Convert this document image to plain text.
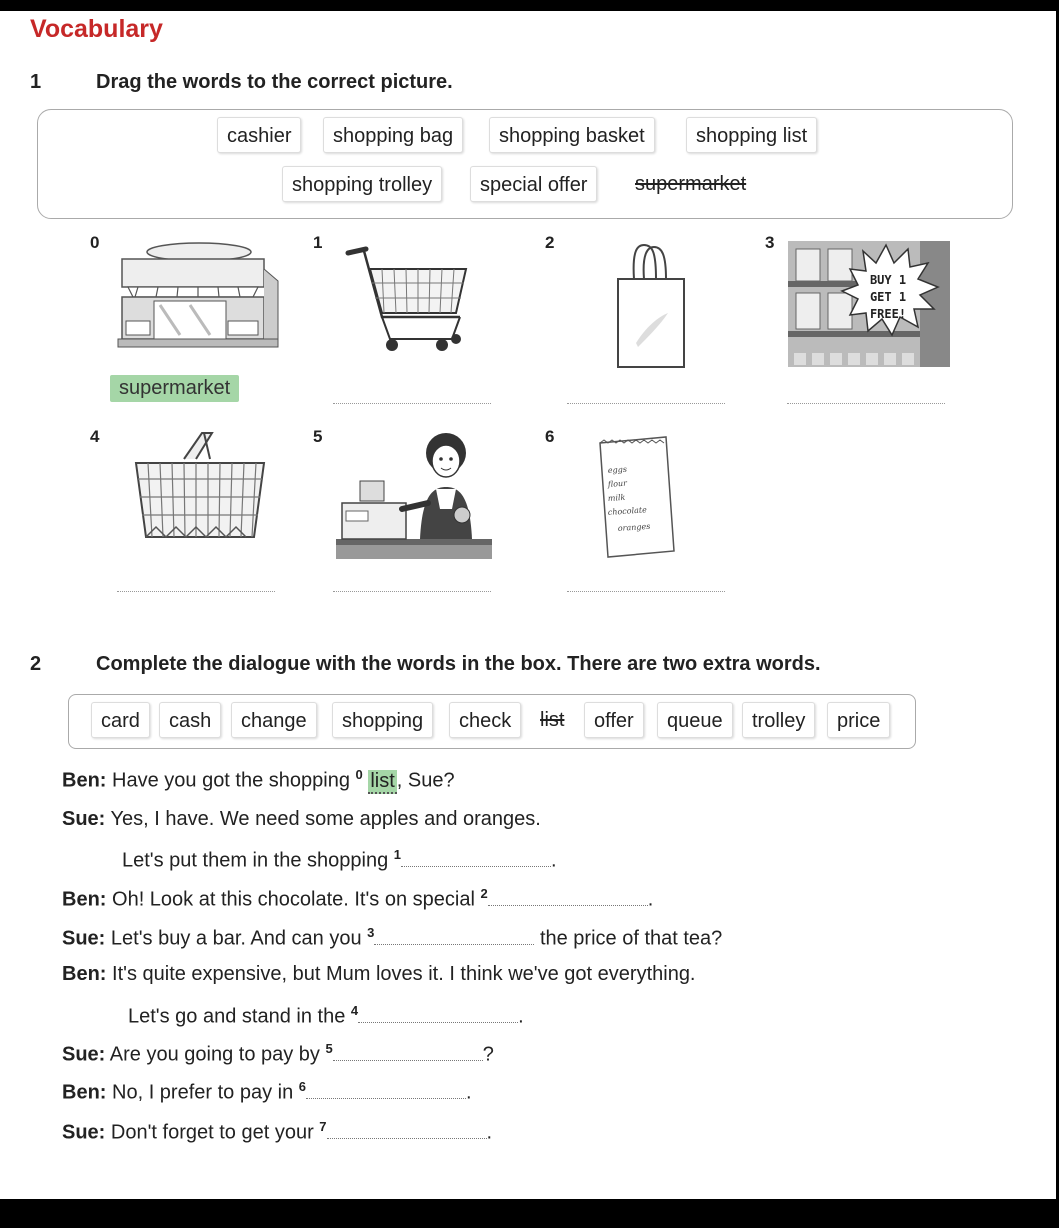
Vocabulary
1	Drag the words to the correct picture.
cashier	shopping bag	shopping basket	shopping list
shopping trolley	special offer	supermarket
0	1	2	3
BUY 1
GET 1
FREE!
supermarket
4	5	6
eggs
flour
milk
chocolate
oranges
2	Complete the dialogue with the words in the box. There are two extra words.
card	cash	change	shopping	check	list	offer	queue	trolley	price
Ben: Have you got the shopping $^0$ list , Sue?
Sue: Yes, I have. We need some apples and oranges.
Let's put them in the shopping $^1$	.
Ben: Oh! Look at this chocolate. It's on special $^2$	.
Sue: Let's buy a bar. And can you $^3$	the price of that tea?
Ben: It's quite expensive, but Mum loves it. I think we've got everything.
Let's go and stand in the $^4$	.
Sue: Are you going to pay by $^5$	?
Ben: No, I prefer to pay in $^6$	.
Sue: Don't forget to get your $^7$	.
